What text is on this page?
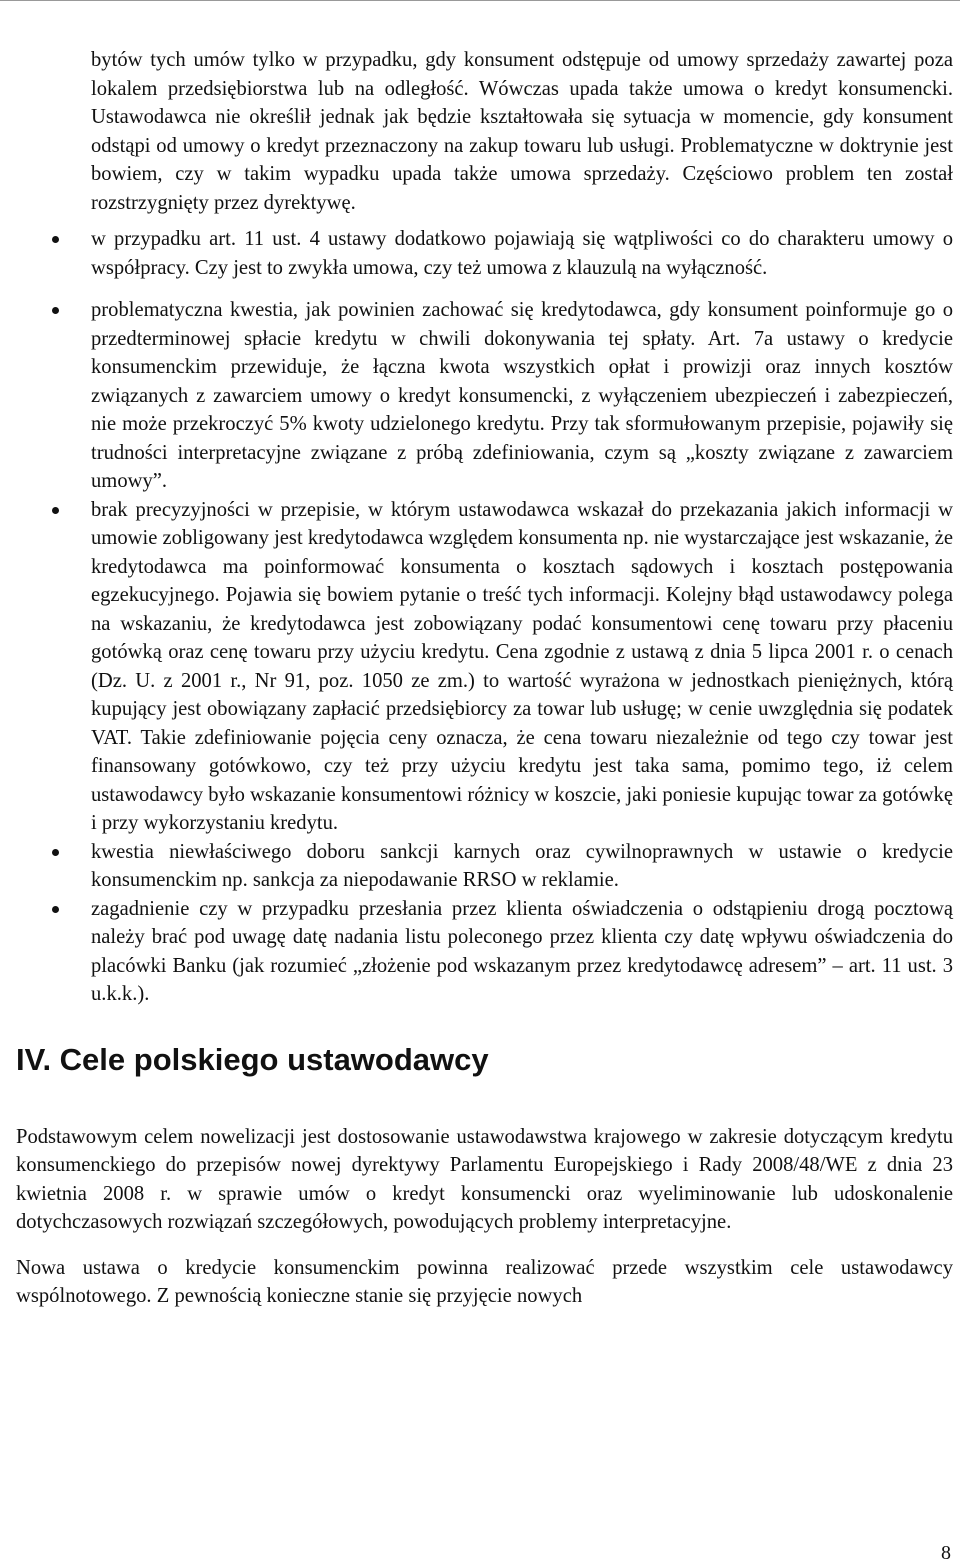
bytów tych umów tylko w przypadku, gdy konsument odstępuje od umowy sprzedaży zawartej poza lokalem przedsiębiorstwa lub na odległość. Wówczas upada także umowa o kredyt konsumencki. Ustawodawca nie określił jednak jak będzie kształtowała się sytuacja w momencie, gdy konsument odstąpi od umowy o kredyt przeznaczony na zakup towaru lub usługi. Problematyczne w doktrynie jest bowiem, czy w takim wypadku upada także umowa sprzedaży. Częściowo problem ten został rozstrzygnięty przez dyrektywę.

w przypadku art. 11 ust. 4 ustawy dodatkowo pojawiają się wątpliwości co do charakteru umowy o współpracy. Czy jest to zwykła umowa, czy też umowa z klauzulą na wyłączność.

problematyczna kwestia, jak powinien zachować się kredytodawca, gdy konsument poinformuje go o przedterminowej spłacie kredytu w chwili dokonywania tej spłaty. Art. 7a ustawy o kredycie konsumenckim przewiduje, że łączna kwota wszystkich opłat i prowizji oraz innych kosztów związanych z zawarciem umowy o kredyt konsumencki, z wyłączeniem ubezpieczeń i zabezpieczeń, nie może przekroczyć 5% kwoty udzielonego kredytu. Przy tak sformułowanym przepisie, pojawiły się trudności interpretacyjne związane z próbą zdefiniowania, czym są „koszty związane z zawarciem umowy”.

brak precyzyjności w przepisie, w którym ustawodawca wskazał do przekazania jakich informacji w umowie zobligowany jest kredytodawca względem konsumenta np. nie wystarczające jest wskazanie, że kredytodawca ma poinformować konsumenta o kosztach sądowych i kosztach postępowania egzekucyjnego. Pojawia się bowiem pytanie o treść tych informacji. Kolejny błąd ustawodawcy polega na wskazaniu, że kredytodawca jest zobowiązany podać konsumentowi cenę towaru przy płaceniu gotówką oraz cenę towaru przy użyciu kredytu. Cena zgodnie z ustawą z dnia 5 lipca 2001 r. o cenach (Dz. U. z 2001 r., Nr 91, poz. 1050 ze zm.) to wartość wyrażona w jednostkach pieniężnych, którą kupujący jest obowiązany zapłacić przedsiębiorcy za towar lub usługę; w cenie uwzględnia się podatek VAT. Takie zdefiniowanie pojęcia ceny oznacza, że cena towaru niezależnie od tego czy towar jest finansowany gotówkowo, czy też przy użyciu kredytu jest taka sama, pomimo tego, iż celem ustawodawcy było wskazanie konsumentowi różnicy w koszcie, jaki poniesie kupując towar za gotówkę i przy wykorzystaniu kredytu.

kwestia niewłaściwego doboru sankcji karnych oraz cywilnoprawnych w ustawie o kredycie konsumenckim np. sankcja za niepodawanie RRSO w reklamie.

zagadnienie czy w przypadku przesłania przez klienta oświadczenia o odstąpieniu drogą pocztową należy brać pod uwagę datę nadania listu poleconego przez klienta czy datę wpływu oświadczenia do placówki Banku (jak rozumieć „złożenie pod wskazanym przez kredytodawcę adresem” – art. 11 ust. 3 u.k.k.).

IV. Cele polskiego ustawodawcy

Podstawowym celem nowelizacji jest dostosowanie ustawodawstwa krajowego w zakresie dotyczącym kredytu konsumenckiego do przepisów nowej dyrektywy Parlamentu Europejskiego i Rady 2008/48/WE z dnia 23 kwietnia 2008 r. w sprawie umów o kredyt konsumencki oraz wyeliminowanie lub udoskonalenie dotychczasowych rozwiązań szczegółowych, powodujących problemy interpretacyjne.

Nowa ustawa o kredycie konsumenckim powinna realizować przede wszystkim cele ustawodawcy wspólnotowego. Z pewnością konieczne stanie się przyjęcie nowych

8
